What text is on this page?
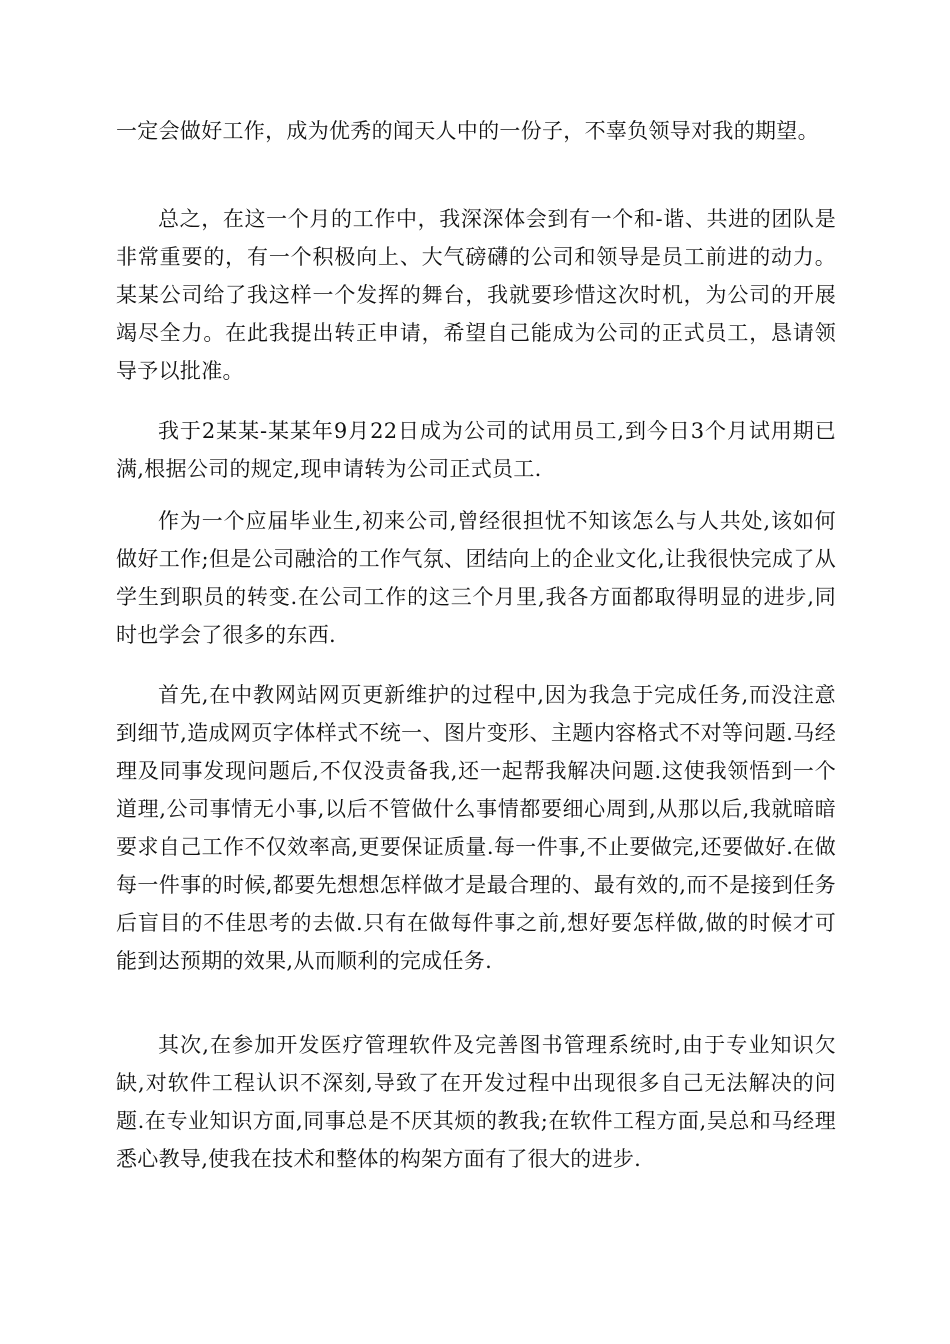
一定会做好工作，成为优秀的闻天人中的一份子，不辜负领导对我的期望。

总之，在这一个月的工作中，我深深体会到有一个和-谐、共进的团队是非常重要的，有一个积极向上、大气磅礴的公司和领导是员工前进的动力。某某公司给了我这样一个发挥的舞台，我就要珍惜这次时机，为公司的开展竭尽全力。在此我提出转正申请，希望自己能成为公司的正式员工，恳请领导予以批准。

我于2某某-某某年9月22日成为公司的试用员工,到今日3个月试用期已满,根据公司的规定,现申请转为公司正式员工.

作为一个应届毕业生,初来公司,曾经很担忧不知该怎么与人共处,该如何做好工作;但是公司融洽的工作气氛、团结向上的企业文化,让我很快完成了从学生到职员的转变.在公司工作的这三个月里,我各方面都取得明显的进步,同时也学会了很多的东西.

首先,在中教网站网页更新维护的过程中,因为我急于完成任务,而没注意到细节,造成网页字体样式不统一、图片变形、主题内容格式不对等问题.马经理及同事发现问题后,不仅没责备我,还一起帮我解决问题.这使我领悟到一个道理,公司事情无小事,以后不管做什么事情都要细心周到,从那以后,我就暗暗要求自己工作不仅效率高,更要保证质量.每一件事,不止要做完,还要做好.在做每一件事的时候,都要先想想怎样做才是最合理的、最有效的,而不是接到任务后盲目的不佳思考的去做.只有在做每件事之前,想好要怎样做,做的时候才可能到达预期的效果,从而顺利的完成任务.

其次,在参加开发医疗管理软件及完善图书管理系统时,由于专业知识欠缺,对软件工程认识不深刻,导致了在开发过程中出现很多自己无法解决的问题.在专业知识方面,同事总是不厌其烦的教我;在软件工程方面,吴总和马经理悉心教导,使我在技术和整体的构架方面有了很大的进步.
